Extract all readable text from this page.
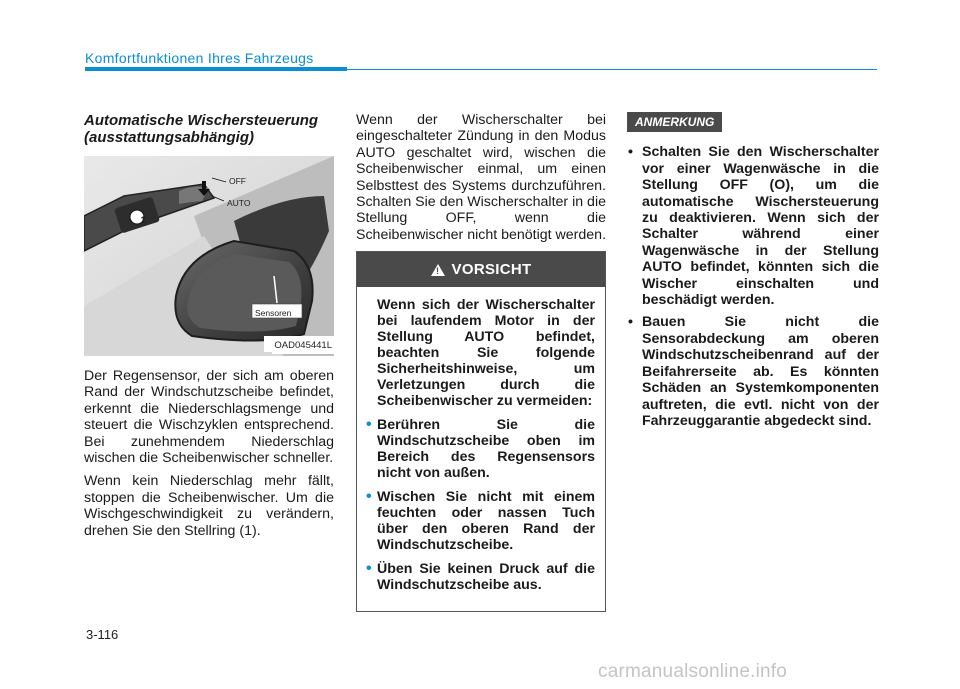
Komfortfunktionen Ihres Fahrzeugs
Automatische Wischersteuerung (ausstattungsabhängig)
1
OFF
AUTO
Sensoren
OAD045441L

Der Regensensor, der sich am oberen Rand der Windschutzscheibe befindet, erkennt die Niederschlagsmenge und steuert die Wischzyklen entsprechend. Bei zunehmendem Niederschlag wischen die Scheibenwischer schneller.

Wenn kein Niederschlag mehr fällt, stoppen die Scheibenwischer. Um die Wischgeschwindigkeit zu verändern, drehen Sie den Stellring (1).

Wenn der Wischerschalter bei eingeschalteter Zündung in den Modus AUTO geschaltet wird, wischen die Scheibenwischer einmal, um einen Selbsttest des Systems durchzuführen. Schalten Sie den Wischerschalter in die Stellung OFF, wenn die Scheibenwischer nicht benötigt werden.

! VORSICHT

Wenn sich der Wischerschalter bei laufendem Motor in der Stellung AUTO befindet, beachten Sie folgende Sicherheitshinweise, um Verletzungen durch die Scheibenwischer zu vermeiden:

• Berühren Sie die Windschutzscheibe oben im Bereich des Regensensors nicht von außen.
• Wischen Sie nicht mit einem feuchten oder nassen Tuch über den oberen Rand der Windschutzscheibe.
• Üben Sie keinen Druck auf die Windschutzscheibe aus.
ANMERKUNG
• Schalten Sie den Wischerschalter vor einer Wagenwäsche in die Stellung OFF (O), um die automatische Wischersteuerung zu deaktivieren. Wenn sich der Schalter während einer Wagenwäsche in der Stellung AUTO befindet, könnten sich die Wischer einschalten und beschädigt werden.
• Bauen Sie nicht die Sensorabdeckung am oberen Windschutzscheibenrand auf der Beifahrerseite ab. Es könnten Schäden an Systemkomponenten auftreten, die evtl. nicht von der Fahrzeuggarantie abgedeckt sind.
3-116
carmanualsonline.info
